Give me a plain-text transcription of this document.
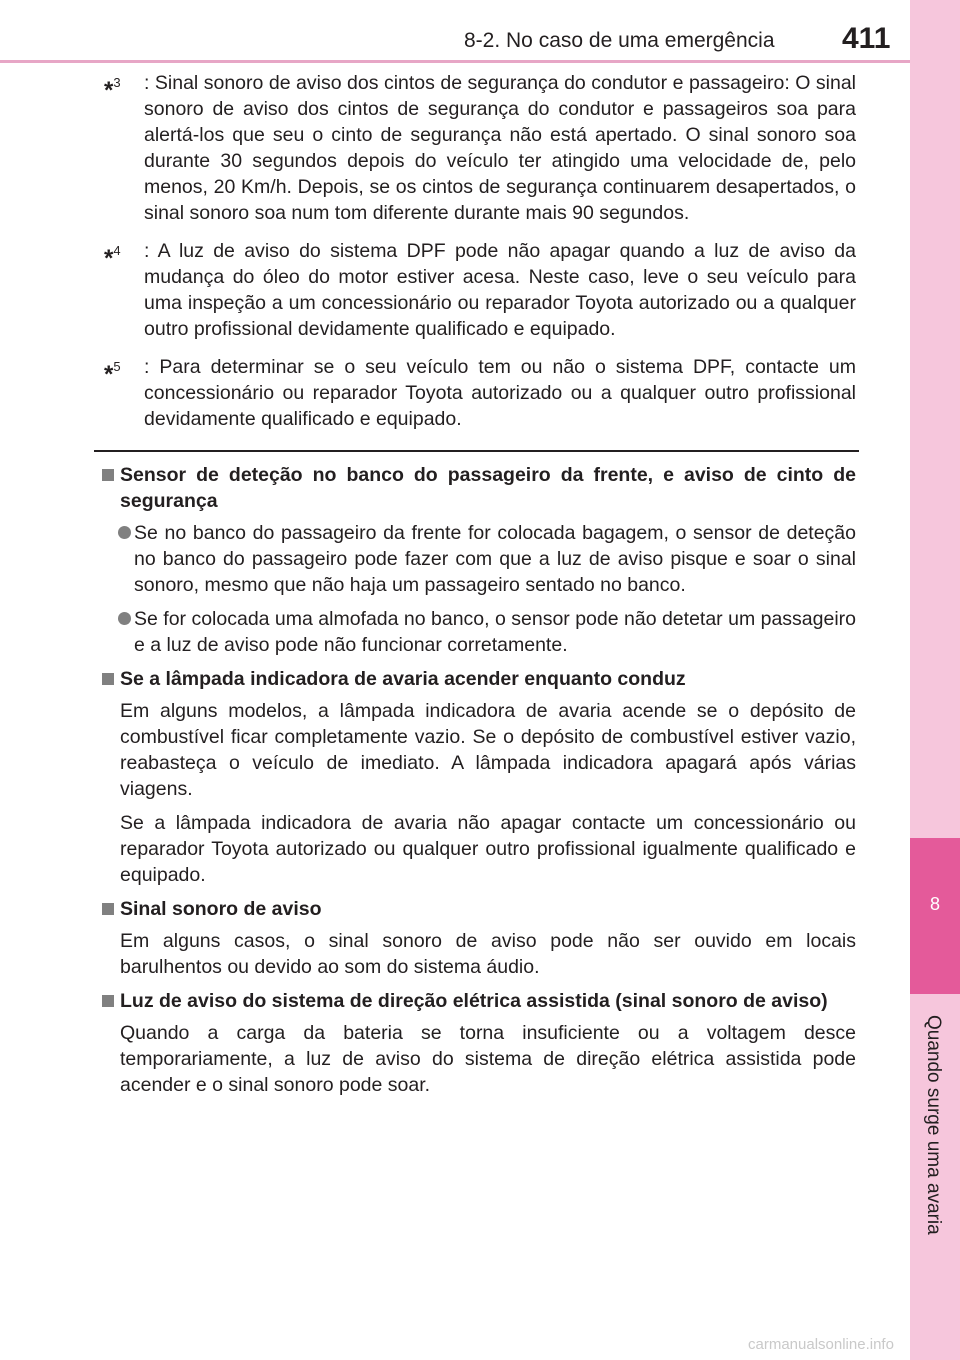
8-2. No caso de uma emergência 411
8
Quando surge uma avaria
*$^3$	: Sinal sonoro de aviso dos cintos de segurança do condutor e passageiro: O sinal sonoro de aviso dos cintos de segurança do condutor e passageiros soa para alertá-los que seu o cinto de segurança não está apertado. O sinal sonoro soa durante 30 segundos depois do veículo ter atingido uma velocidade de, pelo menos, 20 Km/h. Depois, se os cintos de segurança continuarem desapertados, o sinal sonoro soa num tom diferente durante mais 90 segundos.

*$^4$	: A luz de aviso do sistema DPF pode não apagar quando a luz de aviso da mudança do óleo do motor estiver acesa. Neste caso, leve o seu veículo para uma inspeção a um concessionário ou reparador Toyota autorizado ou a qualquer outro profissional devidamente qualificado e equipado.

*$^5$	: Para determinar se o seu veículo tem ou não o sistema DPF, contacte um concessionário ou reparador Toyota autorizado ou a qualquer outro profissional devidamente qualificado e equipado.

Sensor de deteção no banco do passageiro da frente, e aviso de cinto de segurança
Se no banco do passageiro da frente for colocada bagagem, o sensor de deteção no banco do passageiro pode fazer com que a luz de aviso pisque e soar o sinal sonoro, mesmo que não haja um passageiro sentado no banco.
Se for colocada uma almofada no banco, o sensor pode não detetar um passageiro e a luz de aviso pode não funcionar corretamente.
Se a lâmpada indicadora de avaria acender enquanto conduz

Em alguns modelos, a lâmpada indicadora de avaria acende se o depósito de combustível ficar completamente vazio. Se o depósito de combustível estiver vazio, reabasteça o veículo de imediato. A lâmpada indicadora apagará após várias viagens.

Se a lâmpada indicadora de avaria não apagar contacte um concessionário ou reparador Toyota autorizado ou qualquer outro profissional igualmente qualificado e equipado.

Sinal sonoro de aviso

Em alguns casos, o sinal sonoro de aviso pode não ser ouvido em locais barulhentos ou devido ao som do sistema áudio.

Luz de aviso do sistema de direção elétrica assistida (sinal sonoro de aviso)

Quando a carga da bateria se torna insuficiente ou a voltagem desce temporariamente, a luz de aviso do sistema de direção elétrica assistida pode acender e o sinal sonoro pode soar.

carmanualsonline.info
